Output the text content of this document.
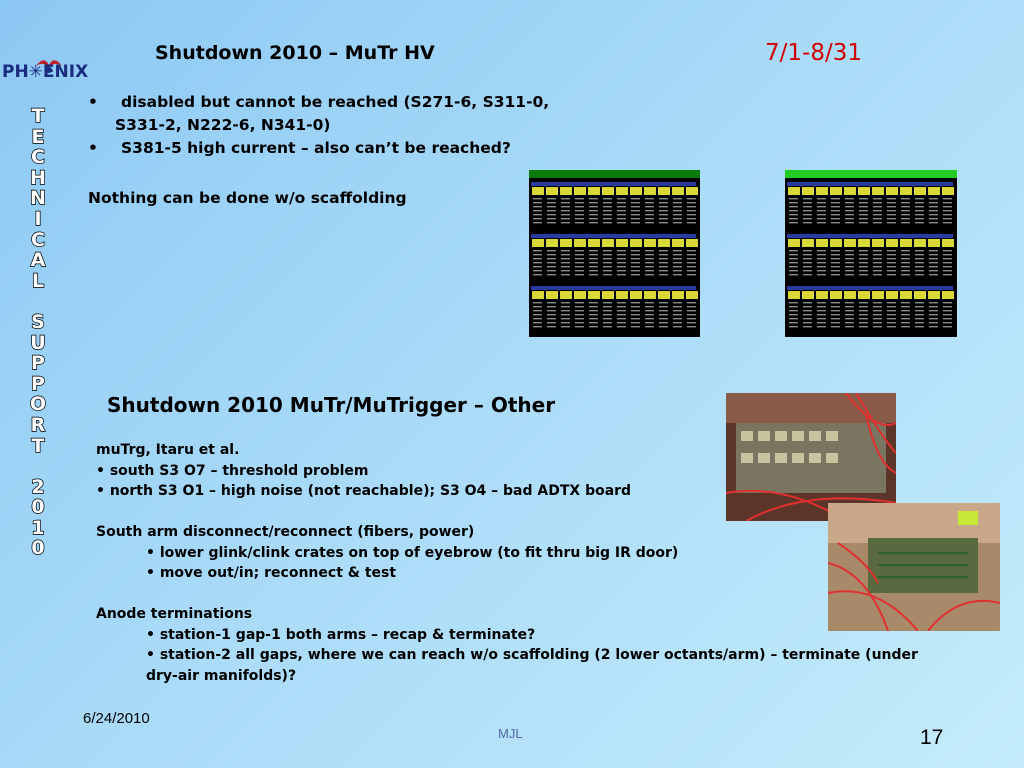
PH✳ENIX
T
E
C
H
N
I
C
A
L

S
U
P
P
O
R
T

2
0
1
0
Shutdown 2010 – MuTr HV	7/1-8/31
• disabled but cannot be reached (S271-6, S311-0,
S331-2, N222-6, N341-0)
• S381-5 high current – also can’t be reached?
Nothing can be done w/o scaffolding
Shutdown 2010 MuTr/MuTrigger – Other
muTrg, Itaru et al.
• south S3 O7 – threshold problem
• north S3 O1 – high noise (not reachable); S3 O4 – bad ADTX board
South arm disconnect/reconnect (fibers, power)
• lower glink/clink crates on top of eyebrow (to fit thru big IR door)
• move out/in; reconnect & test
Anode terminations
• station-1 gap-1 both arms – recap & terminate?
• station-2 all gaps, where we can reach w/o scaffolding (2 lower octants/arm) – terminate (under
dry-air manifolds)?
6/24/2010
MJL	17
